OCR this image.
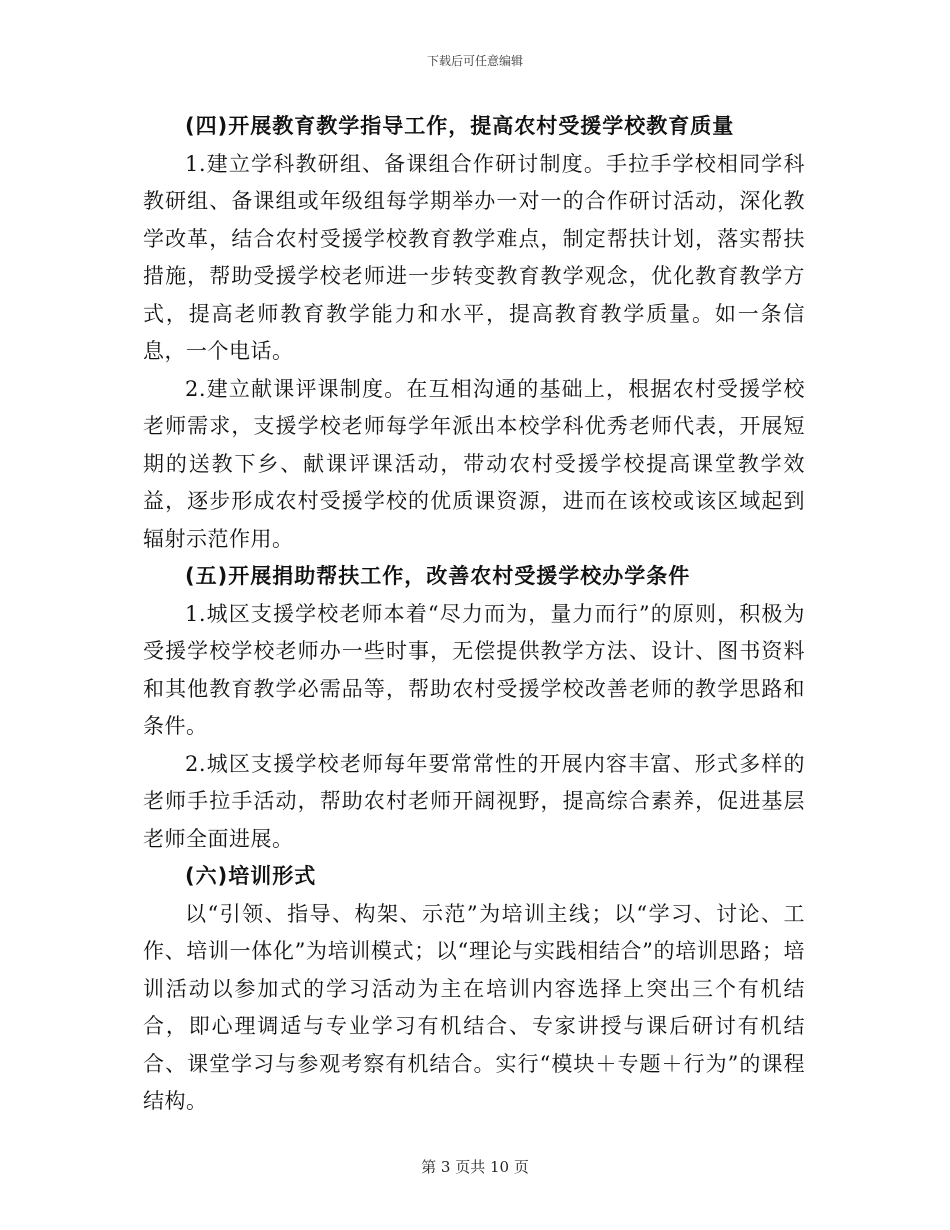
下载后可任意编辑

(四)开展教育教学指导工作，提高农村受援学校教育质量

1.建立学科教研组、备课组合作研讨制度。手拉手学校相同学科教研组、备课组或年级组每学期举办一对一的合作研讨活动，深化教学改革，结合农村受援学校教育教学难点，制定帮扶计划，落实帮扶措施，帮助受援学校老师进一步转变教育教学观念，优化教育教学方式，提高老师教育教学能力和水平，提高教育教学质量。如一条信息，一个电话。

2.建立献课评课制度。在互相沟通的基础上，根据农村受援学校老师需求，支援学校老师每学年派出本校学科优秀老师代表，开展短期的送教下乡、献课评课活动，带动农村受援学校提高课堂教学效益，逐步形成农村受援学校的优质课资源，进而在该校或该区域起到辐射示范作用。

(五)开展捐助帮扶工作，改善农村受援学校办学条件

1.城区支援学校老师本着“尽力而为，量力而行”的原则，积极为受援学校学校老师办一些时事，无偿提供教学方法、设计、图书资料和其他教育教学必需品等，帮助农村受援学校改善老师的教学思路和条件。

2.城区支援学校老师每年要常常性的开展内容丰富、形式多样的老师手拉手活动，帮助农村老师开阔视野，提高综合素养，促进基层老师全面进展。

(六)培训形式

以“引领、指导、构架、示范”为培训主线；以“学习、讨论、工作、培训一体化”为培训模式；以“理论与实践相结合”的培训思路；培训活动以参加式的学习活动为主在培训内容选择上突出三个有机结合，即心理调适与专业学习有机结合、专家讲授与课后研讨有机结合、课堂学习与参观考察有机结合。实行“模块＋专题＋行为”的课程结构。

第 3 页共 10 页
